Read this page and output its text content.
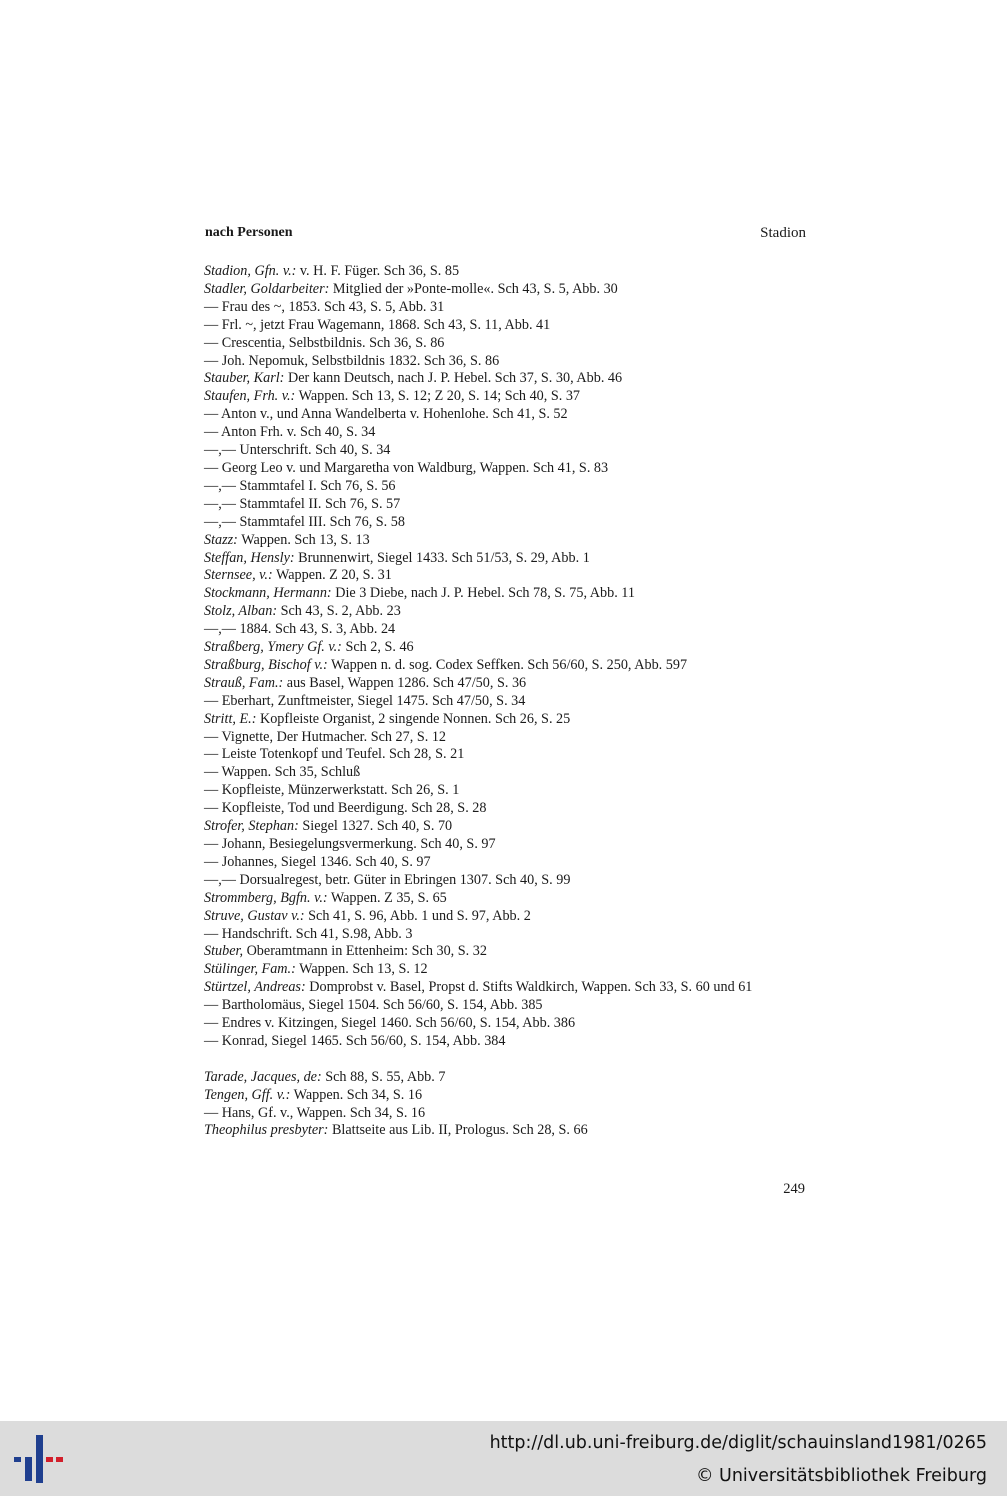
nach Personen	Stadion
Stadion, Gfn. v.: v. H. F. Füger. Sch 36, S. 85
Stadler, Goldarbeiter: Mitglied der »Ponte-molle«. Sch 43, S. 5, Abb. 30
— Frau des ~, 1853. Sch 43, S. 5, Abb. 31
— Frl. ~, jetzt Frau Wagemann, 1868. Sch 43, S. 11, Abb. 41
— Crescentia, Selbstbildnis. Sch 36, S. 86
— Joh. Nepomuk, Selbstbildnis 1832. Sch 36, S. 86
Stauber, Karl: Der kann Deutsch, nach J. P. Hebel. Sch 37, S. 30, Abb. 46
Staufen, Frh. v.: Wappen. Sch 13, S. 12; Z 20, S. 14; Sch 40, S. 37
— Anton v., und Anna Wandelberta v. Hohenlohe. Sch 41, S. 52
— Anton Frh. v. Sch 40, S. 34
—,— Unterschrift. Sch 40, S. 34
— Georg Leo v. und Margaretha von Waldburg, Wappen. Sch 41, S. 83
—,— Stammtafel I. Sch 76, S. 56
—,— Stammtafel II. Sch 76, S. 57
—,— Stammtafel III. Sch 76, S. 58
Stazz: Wappen. Sch 13, S. 13
Steffan, Hensly: Brunnenwirt, Siegel 1433. Sch 51/53, S. 29, Abb. 1
Sternsee, v.: Wappen. Z 20, S. 31
Stockmann, Hermann: Die 3 Diebe, nach J. P. Hebel. Sch 78, S. 75, Abb. 11
Stolz, Alban: Sch 43, S. 2, Abb. 23
—,— 1884. Sch 43, S. 3, Abb. 24
Straßberg, Ymery Gf. v.: Sch 2, S. 46
Straßburg, Bischof v.: Wappen n. d. sog. Codex Seffken. Sch 56/60, S. 250, Abb. 597
Strauß, Fam.: aus Basel, Wappen 1286. Sch 47/50, S. 36
— Eberhart, Zunftmeister, Siegel 1475. Sch 47/50, S. 34
Stritt, E.: Kopfleiste Organist, 2 singende Nonnen. Sch 26, S. 25
— Vignette, Der Hutmacher. Sch 27, S. 12
— Leiste Totenkopf und Teufel. Sch 28, S. 21
— Wappen. Sch 35, Schluß
— Kopfleiste, Münzerwerkstatt. Sch 26, S. 1
— Kopfleiste, Tod und Beerdigung. Sch 28, S. 28
Strofer, Stephan: Siegel 1327. Sch 40, S. 70
— Johann, Besiegelungsvermerkung. Sch 40, S. 97
— Johannes, Siegel 1346. Sch 40, S. 97
—,— Dorsualregest, betr. Güter in Ebringen 1307. Sch 40, S. 99
Strommberg, Bgfn. v.: Wappen. Z 35, S. 65
Struve, Gustav v.: Sch 41, S. 96, Abb. 1 und S. 97, Abb. 2
— Handschrift. Sch 41, S.98, Abb. 3
Stuber, Oberamtmann in Ettenheim: Sch 30, S. 32
Stülinger, Fam.: Wappen. Sch 13, S. 12
Stürtzel, Andreas: Domprobst v. Basel, Propst d. Stifts Waldkirch, Wappen. Sch 33, S. 60 und 61
— Bartholomäus, Siegel 1504. Sch 56/60, S. 154, Abb. 385
— Endres v. Kitzingen, Siegel 1460. Sch 56/60, S. 154, Abb. 386
— Konrad, Siegel 1465. Sch 56/60, S. 154, Abb. 384
Tarade, Jacques, de: Sch 88, S. 55, Abb. 7
Tengen, Gff. v.: Wappen. Sch 34, S. 16
— Hans, Gf. v., Wappen. Sch 34, S. 16
Theophilus presbyter: Blattseite aus Lib. II, Prologus. Sch 28, S. 66
249
http://dl.ub.uni-freiburg.de/diglit/schauinsland1981/0265
© Universitätsbibliothek Freiburg
